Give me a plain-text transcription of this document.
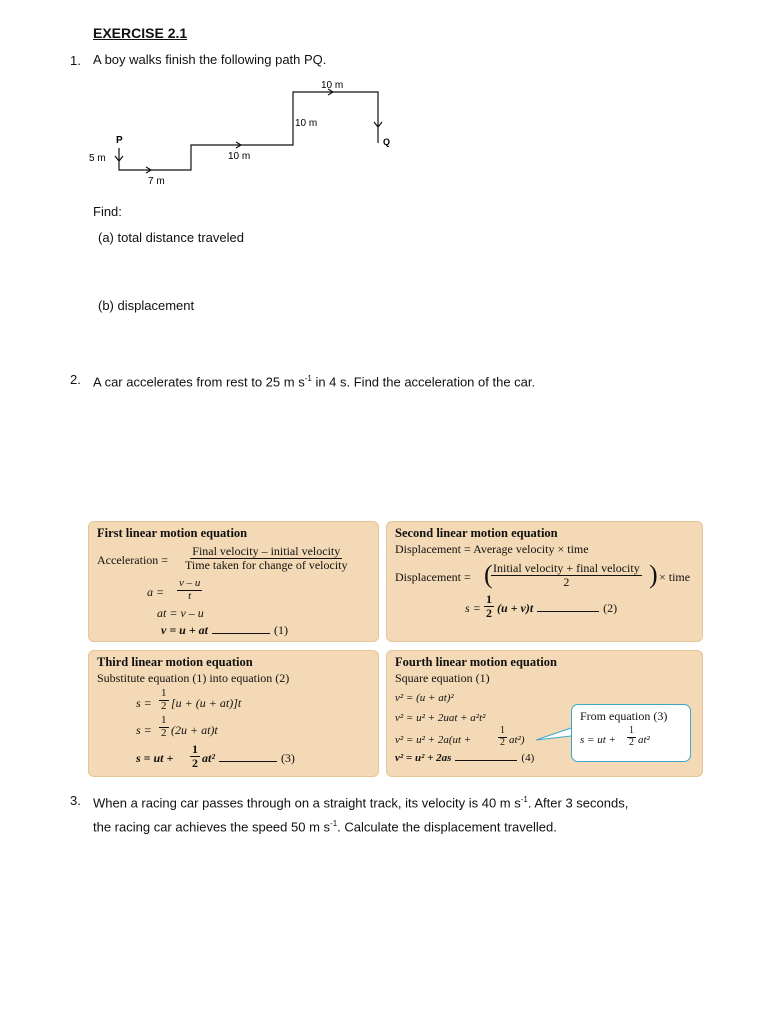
EXERCISE 2.1
1. A boy walks finish the following path PQ.
P	Q
5 m
7 m
10 m
10 m
10 m
Find:
(a) total distance traveled
(b) displacement
2. A car accelerates from rest to 25 m $s^{-1}$ in 4 s. Find the acceleration of the car.
First linear motion equation
Acceleration =
Final velocity – initial velocity
Time taken for change of velocity
$a = \frac{v - u}{t}$
at = v – u
v = u + at	(1)
Second linear motion equation
Displacement = Average velocity × time
Displacement = ( Initial velocity + final velocity
2	) × time
$s = \frac{1}{2} (u + v)t$	(2)
Third linear motion equation
Substitute equation (1) into equation (2)
$s = \frac{1}{2} [u + (u + at)]t$
$s = \frac{1}{2} (2u + at)t$
s = ut + $\frac{1}{2} at^2$	(3)
Fourth linear motion equation
Square equation (1)
v² = (u + at)²
v² = u² + 2uat + a²t²
v² = u² + 2a(ut +	$\frac{1}{2} at^2$)
v² = u² + 2as	(4)
From equation (3)
s = ut + $\frac{1}{2} at^2$
3. When a racing car passes through on a straight track, its velocity is 40 m $s^{-1}$. After 3 seconds,
the racing car achieves the speed 50 m $s^{-1}$. Calculate the displacement travelled.
